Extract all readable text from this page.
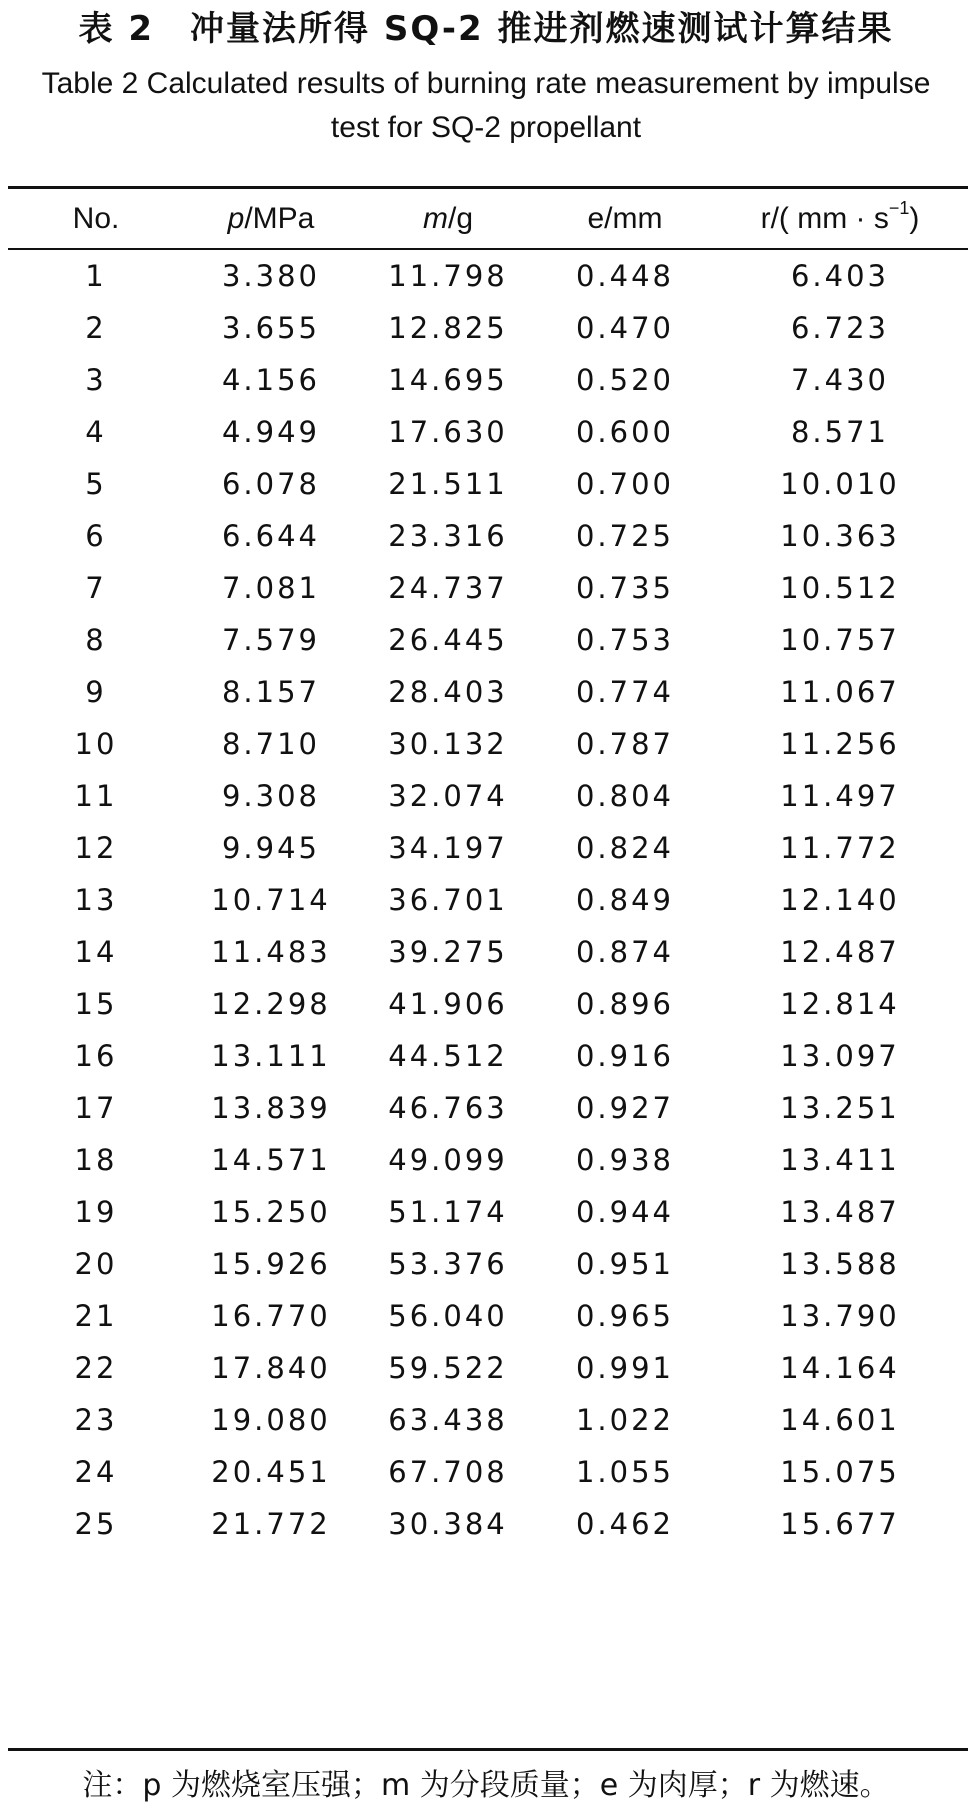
表 2　冲量法所得 SQ-2 推进剂燃速测试计算结果
Table 2 Calculated results of burning rate measurement by impulse
test for SQ-2 propellant
No.	p/MPa	m/g	e/mm	r/( mm · $s^{-1}$)
1	3.380	11.798	0.448	6.403
2	3.655	12.825	0.470	6.723
3	4.156	14.695	0.520	7.430
4	4.949	17.630	0.600	8.571
5	6.078	21.511	0.700	10.010
6	6.644	23.316	0.725	10.363
7	7.081	24.737	0.735	10.512
8	7.579	26.445	0.753	10.757
9	8.157	28.403	0.774	11.067
10	8.710	30.132	0.787	11.256
11	9.308	32.074	0.804	11.497
12	9.945	34.197	0.824	11.772
13	10.714	36.701	0.849	12.140
14	11.483	39.275	0.874	12.487
15	12.298	41.906	0.896	12.814
16	13.111	44.512	0.916	13.097
17	13.839	46.763	0.927	13.251
18	14.571	49.099	0.938	13.411
19	15.250	51.174	0.944	13.487
20	15.926	53.376	0.951	13.588
21	16.770	56.040	0.965	13.790
22	17.840	59.522	0.991	14.164
23	19.080	63.438	1.022	14.601
24	20.451	67.708	1.055	15.075
25	21.772	30.384	0.462	15.677
注：p 为燃烧室压强；m 为分段质量；e 为肉厚；r 为燃速。
